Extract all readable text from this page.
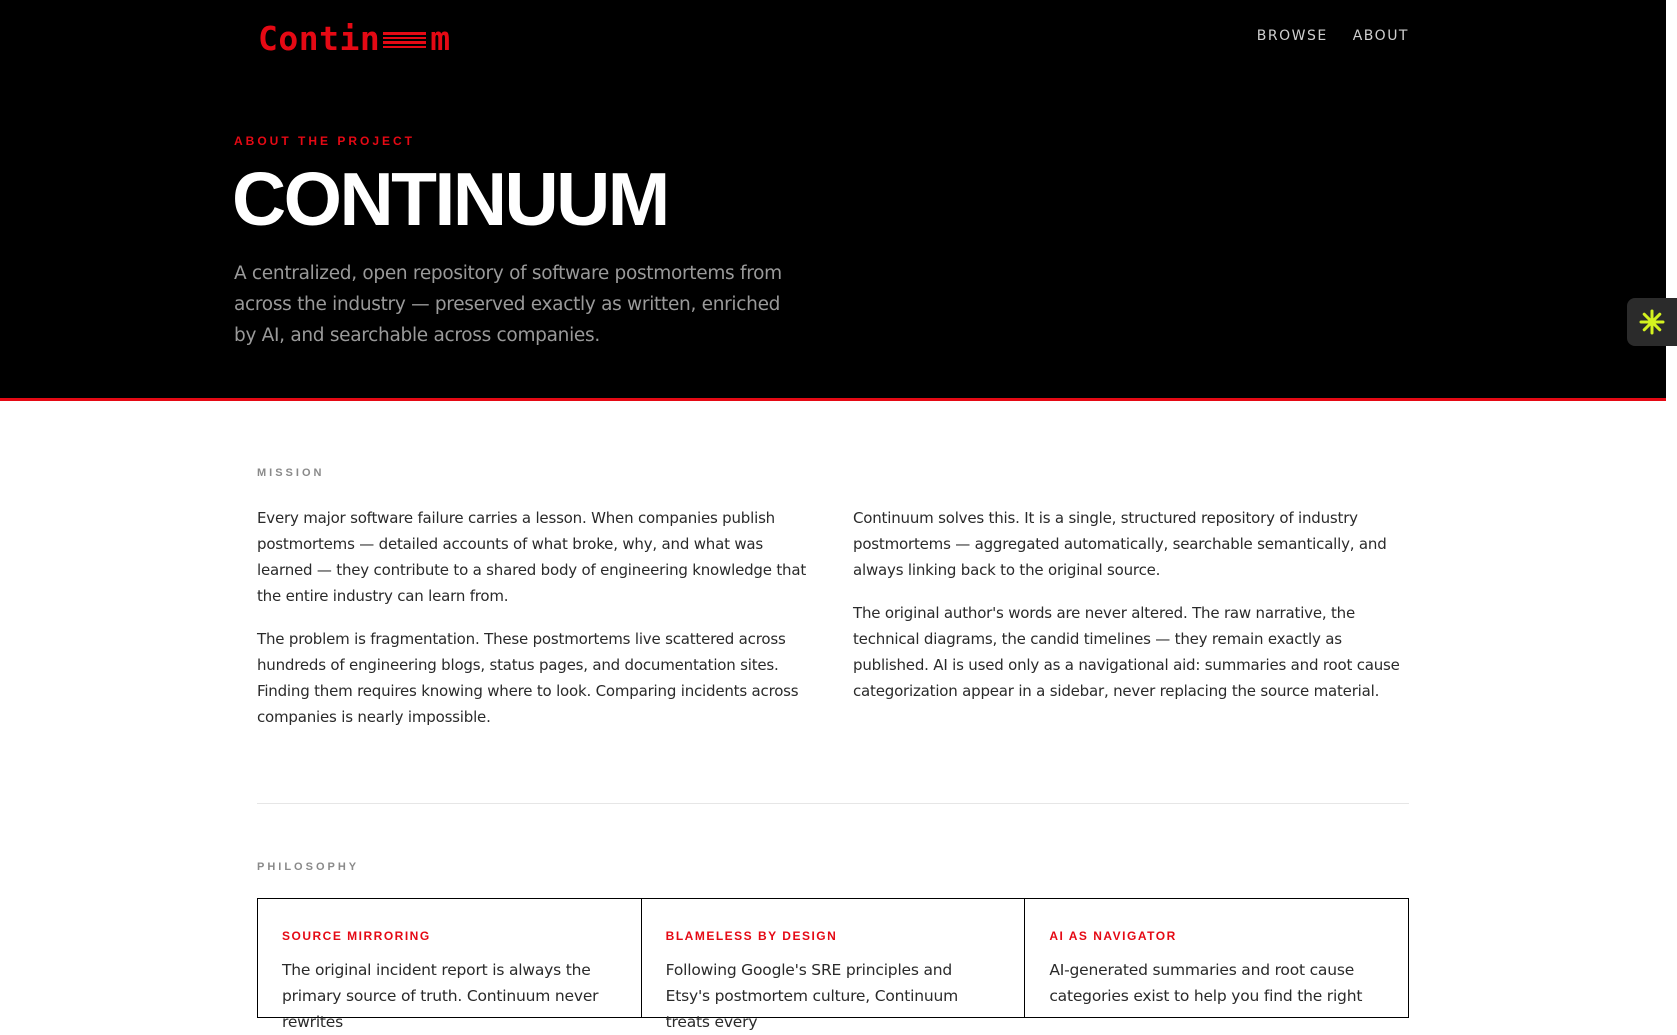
Contin m	BROWSE ABOUT
ABOUT THE PROJECT
CONTINUUM

A centralized, open repository of software postmortems from across the industry — preserved exactly as written, enriched by AI, and searchable across companies.

MISSION

Every major software failure carries a lesson. When companies publish postmortems — detailed accounts of what broke, why, and what was learned — they contribute to a shared body of engineering knowledge that the entire industry can learn from.

The problem is fragmentation. These postmortems live scattered across hundreds of engineering blogs, status pages, and documentation sites. Finding them requires knowing where to look. Comparing incidents across companies is nearly impossible.

Continuum solves this. It is a single, structured repository of industry postmortems — aggregated automatically, searchable semantically, and always linking back to the original source.

The original author's words are never altered. The raw narrative, the technical diagrams, the candid timelines — they remain exactly as published. AI is used only as a navigational aid: summaries and root cause categorization appear in a sidebar, never replacing the source material.

PHILOSOPHY
SOURCE MIRRORING
The original incident report is always the primary source of truth. Continuum never rewrites
BLAMELESS BY DESIGN
Following Google's SRE principles and Etsy's postmortem culture, Continuum treats every
AI AS NAVIGATOR
AI-generated summaries and root cause categories exist to help you find the right
